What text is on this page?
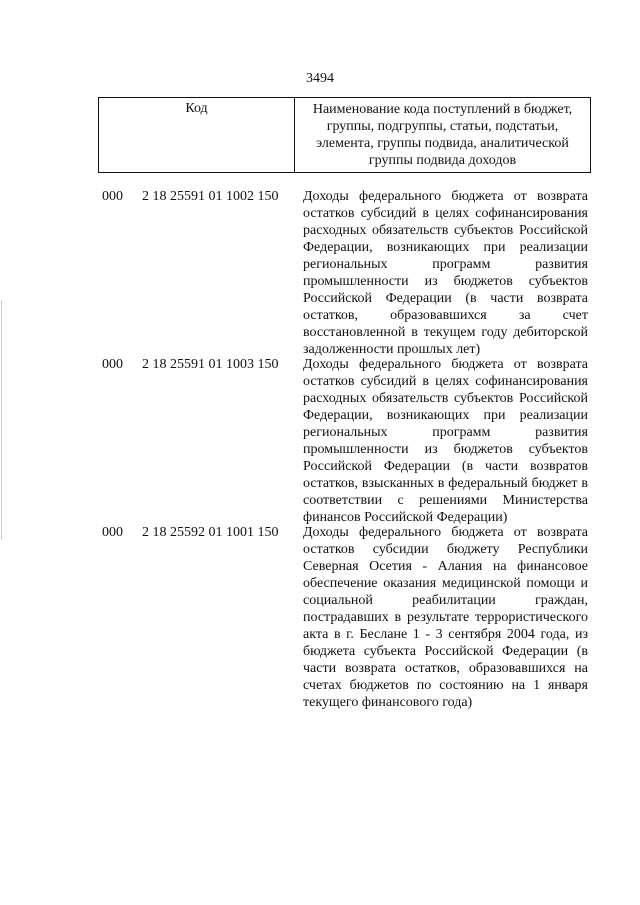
3494
Код	Наименование кода поступлений в бюджет, группы, подгруппы, статьи, подстатьи, элемента, группы подвида, аналитической группы подвида доходов
000	2 18 25591 01 1002 150	Доходы федерального бюджета от возврата остатков субсидий в целях софинансирования расходных обязательств субъектов Российской Федерации, возникающих при реализации региональных программ развития промышленности из бюджетов субъектов Российской Федерации (в части возврата остатков, образовавшихся за счет восстановленной в текущем году дебиторской задолженности прошлых лет)
000	2 18 25591 01 1003 150	Доходы федерального бюджета от возврата остатков субсидий в целях софинансирования расходных обязательств субъектов Российской Федерации, возникающих при реализации региональных программ развития промышленности из бюджетов субъектов Российской Федерации (в части возвратов остатков, взысканных в федеральный бюджет в соответствии с решениями Министерства финансов Российской Федерации)
000	2 18 25592 01 1001 150	Доходы федерального бюджета от возврата остатков субсидии бюджету Республики Северная Осетия - Алания на финансовое обеспечение оказания медицинской помощи и социальной реабилитации граждан, пострадавших в результате террористического акта в г. Беслане 1 - 3 сентября 2004 года, из бюджета субъекта Российской Федерации (в части возврата остатков, образовавшихся на счетах бюджетов по состоянию на 1 января текущего финансового года)
